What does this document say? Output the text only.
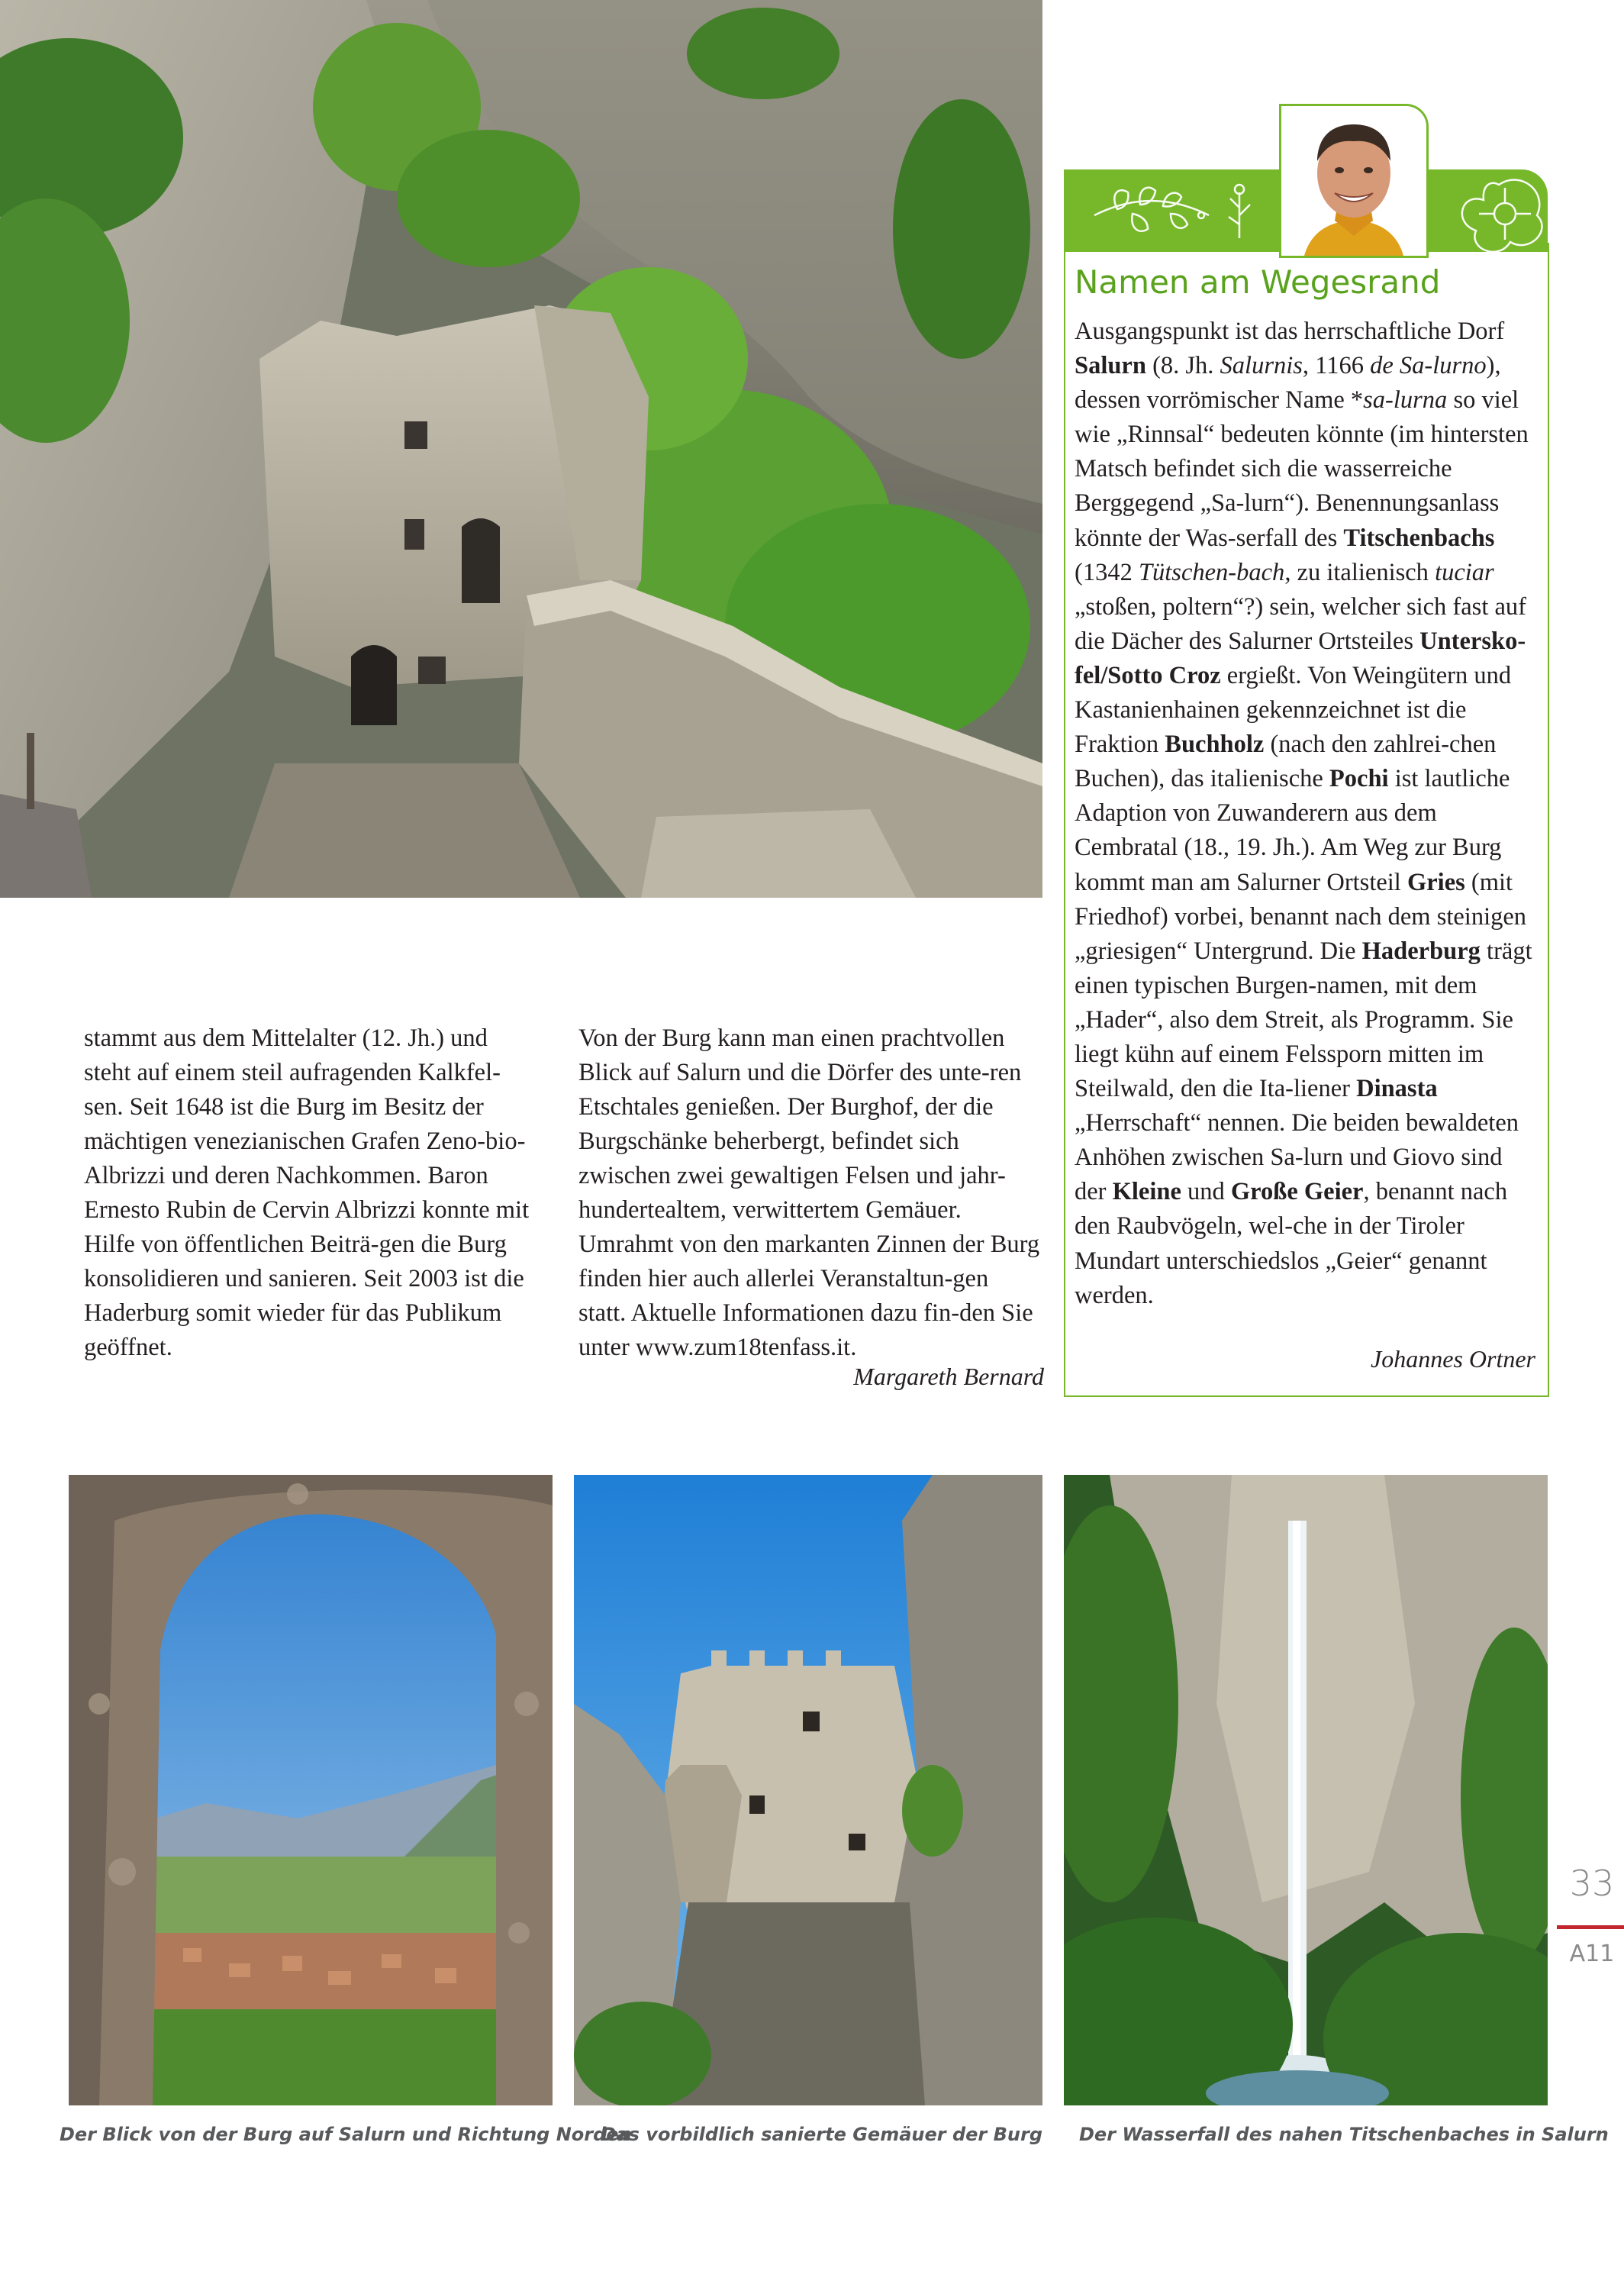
stammt aus dem Mittelalter (12. Jh.) und steht auf einem steil aufragenden Kalkfel-sen. Seit 1648 ist die Burg im Besitz der mächtigen venezianischen Grafen Zeno-bio-Albrizzi und deren Nachkommen. Baron Ernesto Rubin de Cervin Albrizzi konnte mit Hilfe von öffentlichen Beiträ-gen die Burg konsolidieren und sanieren. Seit 2003 ist die Haderburg somit wieder für das Publikum geöffnet.

Von der Burg kann man einen prachtvollen Blick auf Salurn und die Dörfer des unte-ren Etschtales genießen. Der Burghof, der die Burgschänke beherbergt, befindet sich zwischen zwei gewaltigen Felsen und jahr-hundertealtem, verwittertem Gemäuer. Umrahmt von den markanten Zinnen der Burg finden hier auch allerlei Veranstaltun-gen statt. Aktuelle Informationen dazu fin-den Sie unter www.zum18tenfass.it.

Margareth Bernard
Namen am Wegesrand
Ausgangspunkt ist das herrschaftliche Dorf Salurn (8. Jh. Salurnis, 1166 de Sa-lurno), dessen vorrömischer Name *sa-lurna so viel wie „Rinnsal“ bedeuten könnte (im hintersten Matsch befindet sich die wasserreiche Berggegend „Sa-lurn“). Benennungsanlass könnte der Was-serfall des Titschenbachs (1342 Tütschen-bach, zu italienisch tuciar „stoßen, poltern“?) sein, welcher sich fast auf die Dächer des Salurner Ortsteiles Untersko-fel/Sotto Croz ergießt. Von Weingütern und Kastanienhainen gekennzeichnet ist die Fraktion Buchholz (nach den zahlrei-chen Buchen), das italienische Pochi ist lautliche Adaption von Zuwanderern aus dem Cembratal (18., 19. Jh.). Am Weg zur Burg kommt man am Salurner Ortsteil Gries (mit Friedhof) vorbei, benannt nach dem steinigen „griesigen“ Untergrund. Die Haderburg trägt einen typischen Burgen-namen, mit dem „Hader“, also dem Streit, als Programm. Sie liegt kühn auf einem Felssporn mitten im Steilwald, den die Ita-liener Dinasta „Herrschaft“ nennen. Die beiden bewaldeten Anhöhen zwischen Sa-lurn und Giovo sind der Kleine und Große Geier, benannt nach den Raubvögeln, wel-che in der Tiroler Mundart unterschiedslos „Geier“ genannt werden.
Johannes Ortner
Der Blick von der Burg auf Salurn und Richtung Norden
Das vorbildlich sanierte Gemäuer der Burg Der Wasserfall des nahen Titschenbaches in Salurn
33
A11
